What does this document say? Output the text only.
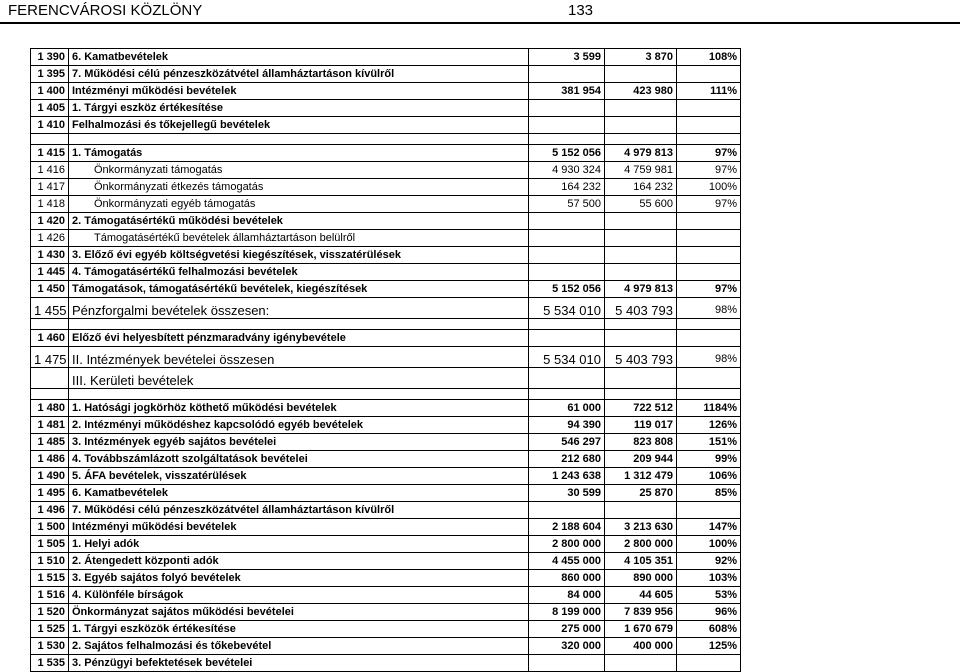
FERENCVÁROSI KÖZLÖNY	133
1 390	6. Kamatbevételek	3 599	3 870	108%
1 395	7. Működési célú pénzeszközátvétel államháztartáson kívülről			
1 400	Intézményi működési bevételek	381 954	423 980	111%
1 405	1. Tárgyi eszköz értékesítése			
1 410	Felhalmozási és tőkejellegű bevételek			

1 415	1. Támogatás	5 152 056	4 979 813	97%
1 416	Önkormányzati támogatás	4 930 324	4 759 981	97%
1 417	Önkormányzati étkezés támogatás	164 232	164 232	100%
1 418	Önkormányzati egyéb támogatás	57 500	55 600	97%
1 420	2. Támogatásértékű működési bevételek			
1 426	Támogatásértékű bevételek államháztartáson belülről			
1 430	3. Előző évi egyéb költségvetési kiegészítések, visszatérülések			
1 445	4. Támogatásértékű felhalmozási bevételek			
1 450	Támogatások, támogatásértékű bevételek, kiegészítések	5 152 056	4 979 813	97%
1 455	Pénzforgalmi bevételek összesen:	5 534 010	5 403 793	98%

1 460	Előző évi helyesbített pénzmaradvány igénybevétele			
1 475	II. Intézmények bevételei összesen	5 534 010	5 403 793	98%
	III. Kerületi bevételek			

1 480	1. Hatósági jogkörhöz köthető működési bevételek	61 000	722 512	1184%
1 481	2. Intézményi működéshez kapcsolódó egyéb bevételek	94 390	119 017	126%
1 485	3. Intézmények egyéb sajátos bevételei	546 297	823 808	151%
1 486	4. Továbbszámlázott szolgáltatások bevételei	212 680	209 944	99%
1 490	5. ÁFA bevételek, visszatérülések	1 243 638	1 312 479	106%
1 495	6. Kamatbevételek	30 599	25 870	85%
1 496	7. Működési célú pénzeszközátvétel államháztartáson kívülről			
1 500	Intézményi működési bevételek	2 188 604	3 213 630	147%
1 505	1. Helyi adók	2 800 000	2 800 000	100%
1 510	2. Átengedett központi adók	4 455 000	4 105 351	92%
1 515	3. Egyéb sajátos folyó bevételek	860 000	890 000	103%
1 516	4. Különféle bírságok	84 000	44 605	53%
1 520	Önkormányzat sajátos működési bevételei	8 199 000	7 839 956	96%
1 525	1. Tárgyi eszközök értékesítése	275 000	1 670 679	608%
1 530	2. Sajátos felhalmozási és tőkebevétel	320 000	400 000	125%
1 535	3. Pénzügyi befektetések bevételei			
